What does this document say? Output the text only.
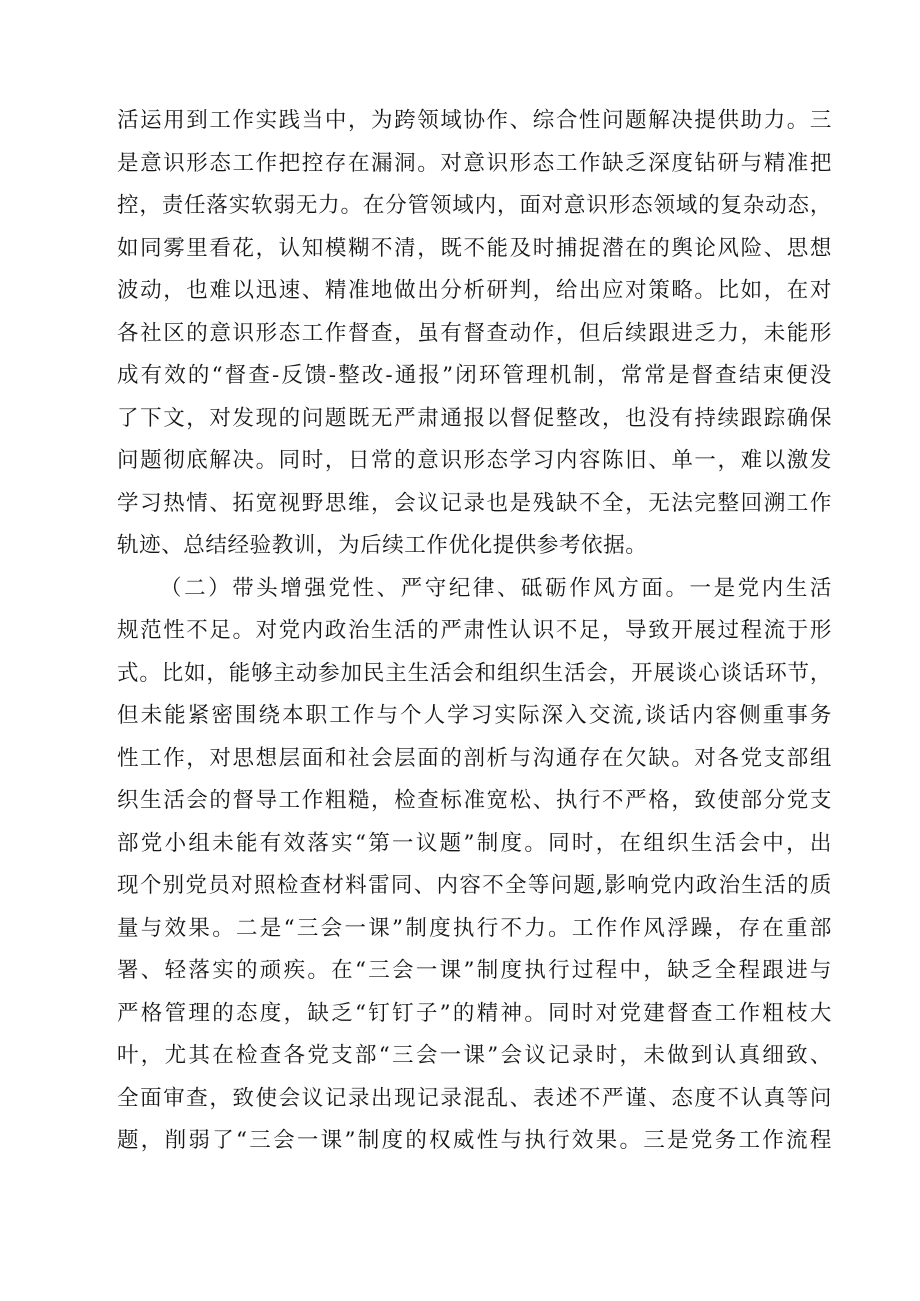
活运用到工作实践当中，为跨领域协作、综合性问题解决提供助力。三
是意识形态工作把控存在漏洞。对意识形态工作缺乏深度钻研与精准把
控，责任落实软弱无力。在分管领域内，面对意识形态领域的复杂动态，
如同雾里看花，认知模糊不清，既不能及时捕捉潜在的舆论风险、思想
波动，也难以迅速、精准地做出分析研判，给出应对策略。比如，在对
各社区的意识形态工作督查，虽有督查动作，但后续跟进乏力，未能形
成有效的“督查-反馈-整改-通报”闭环管理机制，常常是督查结束便没
了下文，对发现的问题既无严肃通报以督促整改，也没有持续跟踪确保
问题彻底解决。同时，日常的意识形态学习内容陈旧、单一，难以激发
学习热情、拓宽视野思维，会议记录也是残缺不全，无法完整回溯工作
轨迹、总结经验教训，为后续工作优化提供参考依据。
（二）带头增强党性、严守纪律、砥砺作风方面。一是党内生活
规范性不足。对党内政治生活的严肃性认识不足，导致开展过程流于形
式。比如，能够主动参加民主生活会和组织生活会，开展谈心谈话环节，
但未能紧密围绕本职工作与个人学习实际深入交流,谈话内容侧重事务
性工作，对思想层面和社会层面的剖析与沟通存在欠缺。对各党支部组
织生活会的督导工作粗糙，检查标准宽松、执行不严格，致使部分党支
部党小组未能有效落实“第一议题”制度。同时，在组织生活会中，出
现个别党员对照检查材料雷同、内容不全等问题,影响党内政治生活的质
量与效果。二是“三会一课”制度执行不力。工作作风浮躁，存在重部
署、轻落实的顽疾。在“三会一课”制度执行过程中，缺乏全程跟进与
严格管理的态度，缺乏“钉钉子”的精神。同时对党建督查工作粗枝大
叶，尤其在检查各党支部“三会一课”会议记录时，未做到认真细致、
全面审查，致使会议记录出现记录混乱、表述不严谨、态度不认真等问
题，削弱了“三会一课”制度的权威性与执行效果。三是党务工作流程
